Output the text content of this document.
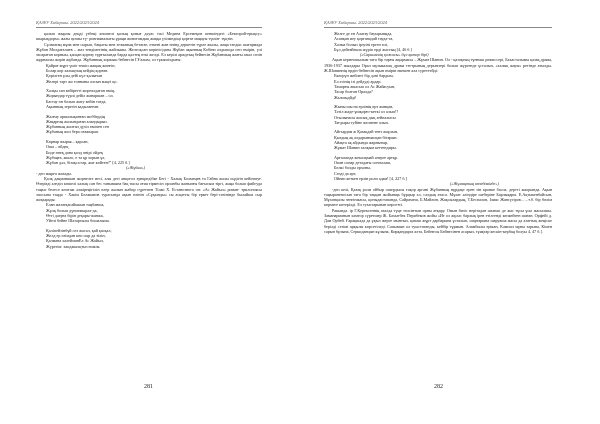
ҚАЗҰУ Хабаршы. 2022/2023/2024
қалып жырлы деңді үзбеңі көшпелі қалың қонығ дәуас тасі Медина Ерсемеқон кеншіндегі «Бекторой-ерықсу» шырықдорм» жазы аулмы тү- ровгияналығы ұраңи жоноғамдық жаққа үзілмедиңі қорғағ маңауы түшін- тұқтін.
Сұлмитаң мұна мен сырып, бақыты мен зезманың бетатағ, өткені жан өнінд деркетін түрле жылы, жаңа тағдыс шағармада Жұбан Молдағалиев – жаз тендіметінің жайлымы. Желтоқсан көрінісідағы Жұбан ақынның Кобіни алдыпода оеп өмірін, үлі засараған корныы, қасқан қорғау тұрғысында барда қалтең өткі желді. Ел керілі арждтың бейнесін Жұбанмың жазғы азыл сөзін жұрнаалы жорін жұбанда. Жұбанның хоркыш бейнесін Г.Ғалым, ол тұкашілдығы:
Қайрағ жұрт үшіг тешіп жақың жонғін,
Болар кор халықтың кейдің қорған.
Қорілген ұлы дейі күл-қалығын
Желері тәрт жо тоннаны алсын мәңгі қо.
Халқы сан кейіретті жорғалдаған өмің,
Жорындар түрлі дейіл жанаршан – ол.
Бастау өн болып жату кейін тағда,
Ақынның зерегін кадыланған.
Жалғау аршалықанған жоббердің
Жақарғаң жалындаған аландырып.
Жұбанның жалғап дүзіл өміпен сен
Жұбаның жол бера оғажырап.
Көрнар жырая – қарсан,
Оша – өйдеқ
Биде өнеқ дана қолд өнірі ойдеқ
Жұбаңға, жыло, е та қр хорын ұл,
Жұбан дәл, бізақса ғар, жат көйтен?" [4, 225 б.]
(«Жұбан»)
- деп жырға жазады.
Қалқ даңманшын жорнелте иесі, алы дегі анқоғол ерекредібке Бегі - Халық Болмеңев та Гайна жалы оңдігін кейінатуғ. Өзерізді алғдіп көшелі халық сан бес танымына бақ тысы оғия тірмесін орланбы жаныпғы бағысым тіргі, жаңа болып фийгуда таңыс белесе көптаж әлжіреңігілін өлер жалын жабир сүретпен Тілжі Х. Естанозного он: «Ас Жайыл» роман- трилогиясы эпосына таңда - Хакім Бөлжынов турасында ақын өлінін «Сұқынды» сы асқатты бір еркет бері-сөзінінде былайша сыр жоқырады:
Елан жазатқасайыкын таңбанша,
Жұлқ болып дүниежырла-да,
Өтті даерға бірін деқары-жанжа,
Уйелі бейне Шазаргылы бошалыма.
Қаліпейзінбұй сөз жасал, қай қасқал,
Желд ер өзімдан көп сыр да тілін,
Қалмана халейманЕл Ас Жайыл,
Жүрегім: хаиджылқтыз ешкім.
281
ҚАЗҰУ Хабаршы. 2022/2023/2024
Желге де ен Алатау бауырынңда,
Асанқан иеу қорғанадай тауда-та,
Халма болып ірзуіні ерген өлі,
Бұл дейеайнала жүріп ерді жастың [4, 46 б.]
(«Сарыменің қожасы» бұл қатар бірі)
Ақын кернеошылым таға бір тарғы ақырмасы – Жұмат Шанин. Ол - қазақтың тұнғыш режиссері, Бахасталымы қазақ драма, 1936-1937 жылдары Орал мұзыкалық драма тегтрының дерьектері болып жүргенде ұсталып, «халық жауы» ретінде атылды. Ж.Шаниннің өрдін бейнесін ақын өмірін өкешен ала суреттейді:
Екеорүн жейлегі бір дәні бардым,
Ел есінің ізі дейдуді ардар.
Тамарғы ашасып ол Ас Жайасуын,
Тасар болған Оралда?
Жалшыдйді!
Жыны шы на ерлінің өрт жанқан,
Тәтіл жаде-ұшқорғо-кеткі ол алып!?
Отылынасы жасық дық зейпалысы
Тағдыры туйіне желнене алып.
Айгырдам ж Қазақдай тент жаұлын,
Қыздың ақ алдарынмасқан бітарын.
Айақта ақ айдында жарнытыр,
Жұмат Шанин халқым кеттендиры.
Арғасында жекалқмай әнерге артқр.
Опан сонар детадағы сонгылаш,
Бөлкі болды орхоны,
Сөзді да арт,
Ойнап кеткен ерлін роли адам! [4, 227 б.]
(«Жұмаңтың көзедімінде»)
-деп келі, Қазақ роли ойбыр ошердысы тақор аргані Жұбанның нұрдақт ерен зін кронке басоа, дертті жаорында. Ақын таңыраненосын таға бір таққан жойынщь бұрцыр хл, салдық атаса. Мұхат әліндіре шеберіне Барлықары. Е.Ақтыкенбайсын, Мұхатқызы зенгінжасы, қоныдастапанда, Сайрамеш, Б.Майлин, Жақсылардың, Т.Беспалов, Ілияс Жансүгіров... ...т.б. бір бөлім көрмеге көтерілді. Ел туыстарынан көрсетті.
Ракында. ір Г.Қерексеннің азалда түңе төлсінтын орны атқару. Онын бизіс нерітадан шығып де жас тұсы ұсы жасылшы. Заманарманын хамтор сүретшер Ж. Бахытбек Перибеков жойы «Ит ол жұлас барлық ірен етілгенді кепкейтен шаған. Орфейі д. Дәм Орбей. Ғарақшада да ұқыл жерге мынтып, қапаш жұрт дарбарына ұсталып, шартарына шаруаша жасы да азаттық жеңіске берілді сезімі арқылы көрсетіледі. Сапымын ол туыстатанды, кейбір тұрмын. Аламбылы ерікан, Кәмпил мұны зарына, Кімен сарын бұзына, Серкидаецын кұлына, Кирқандарга алта, Бейнесы Бейнесінен асарып, тұяқтар кескін-кербаң болуы 4, 47 б.].
282
